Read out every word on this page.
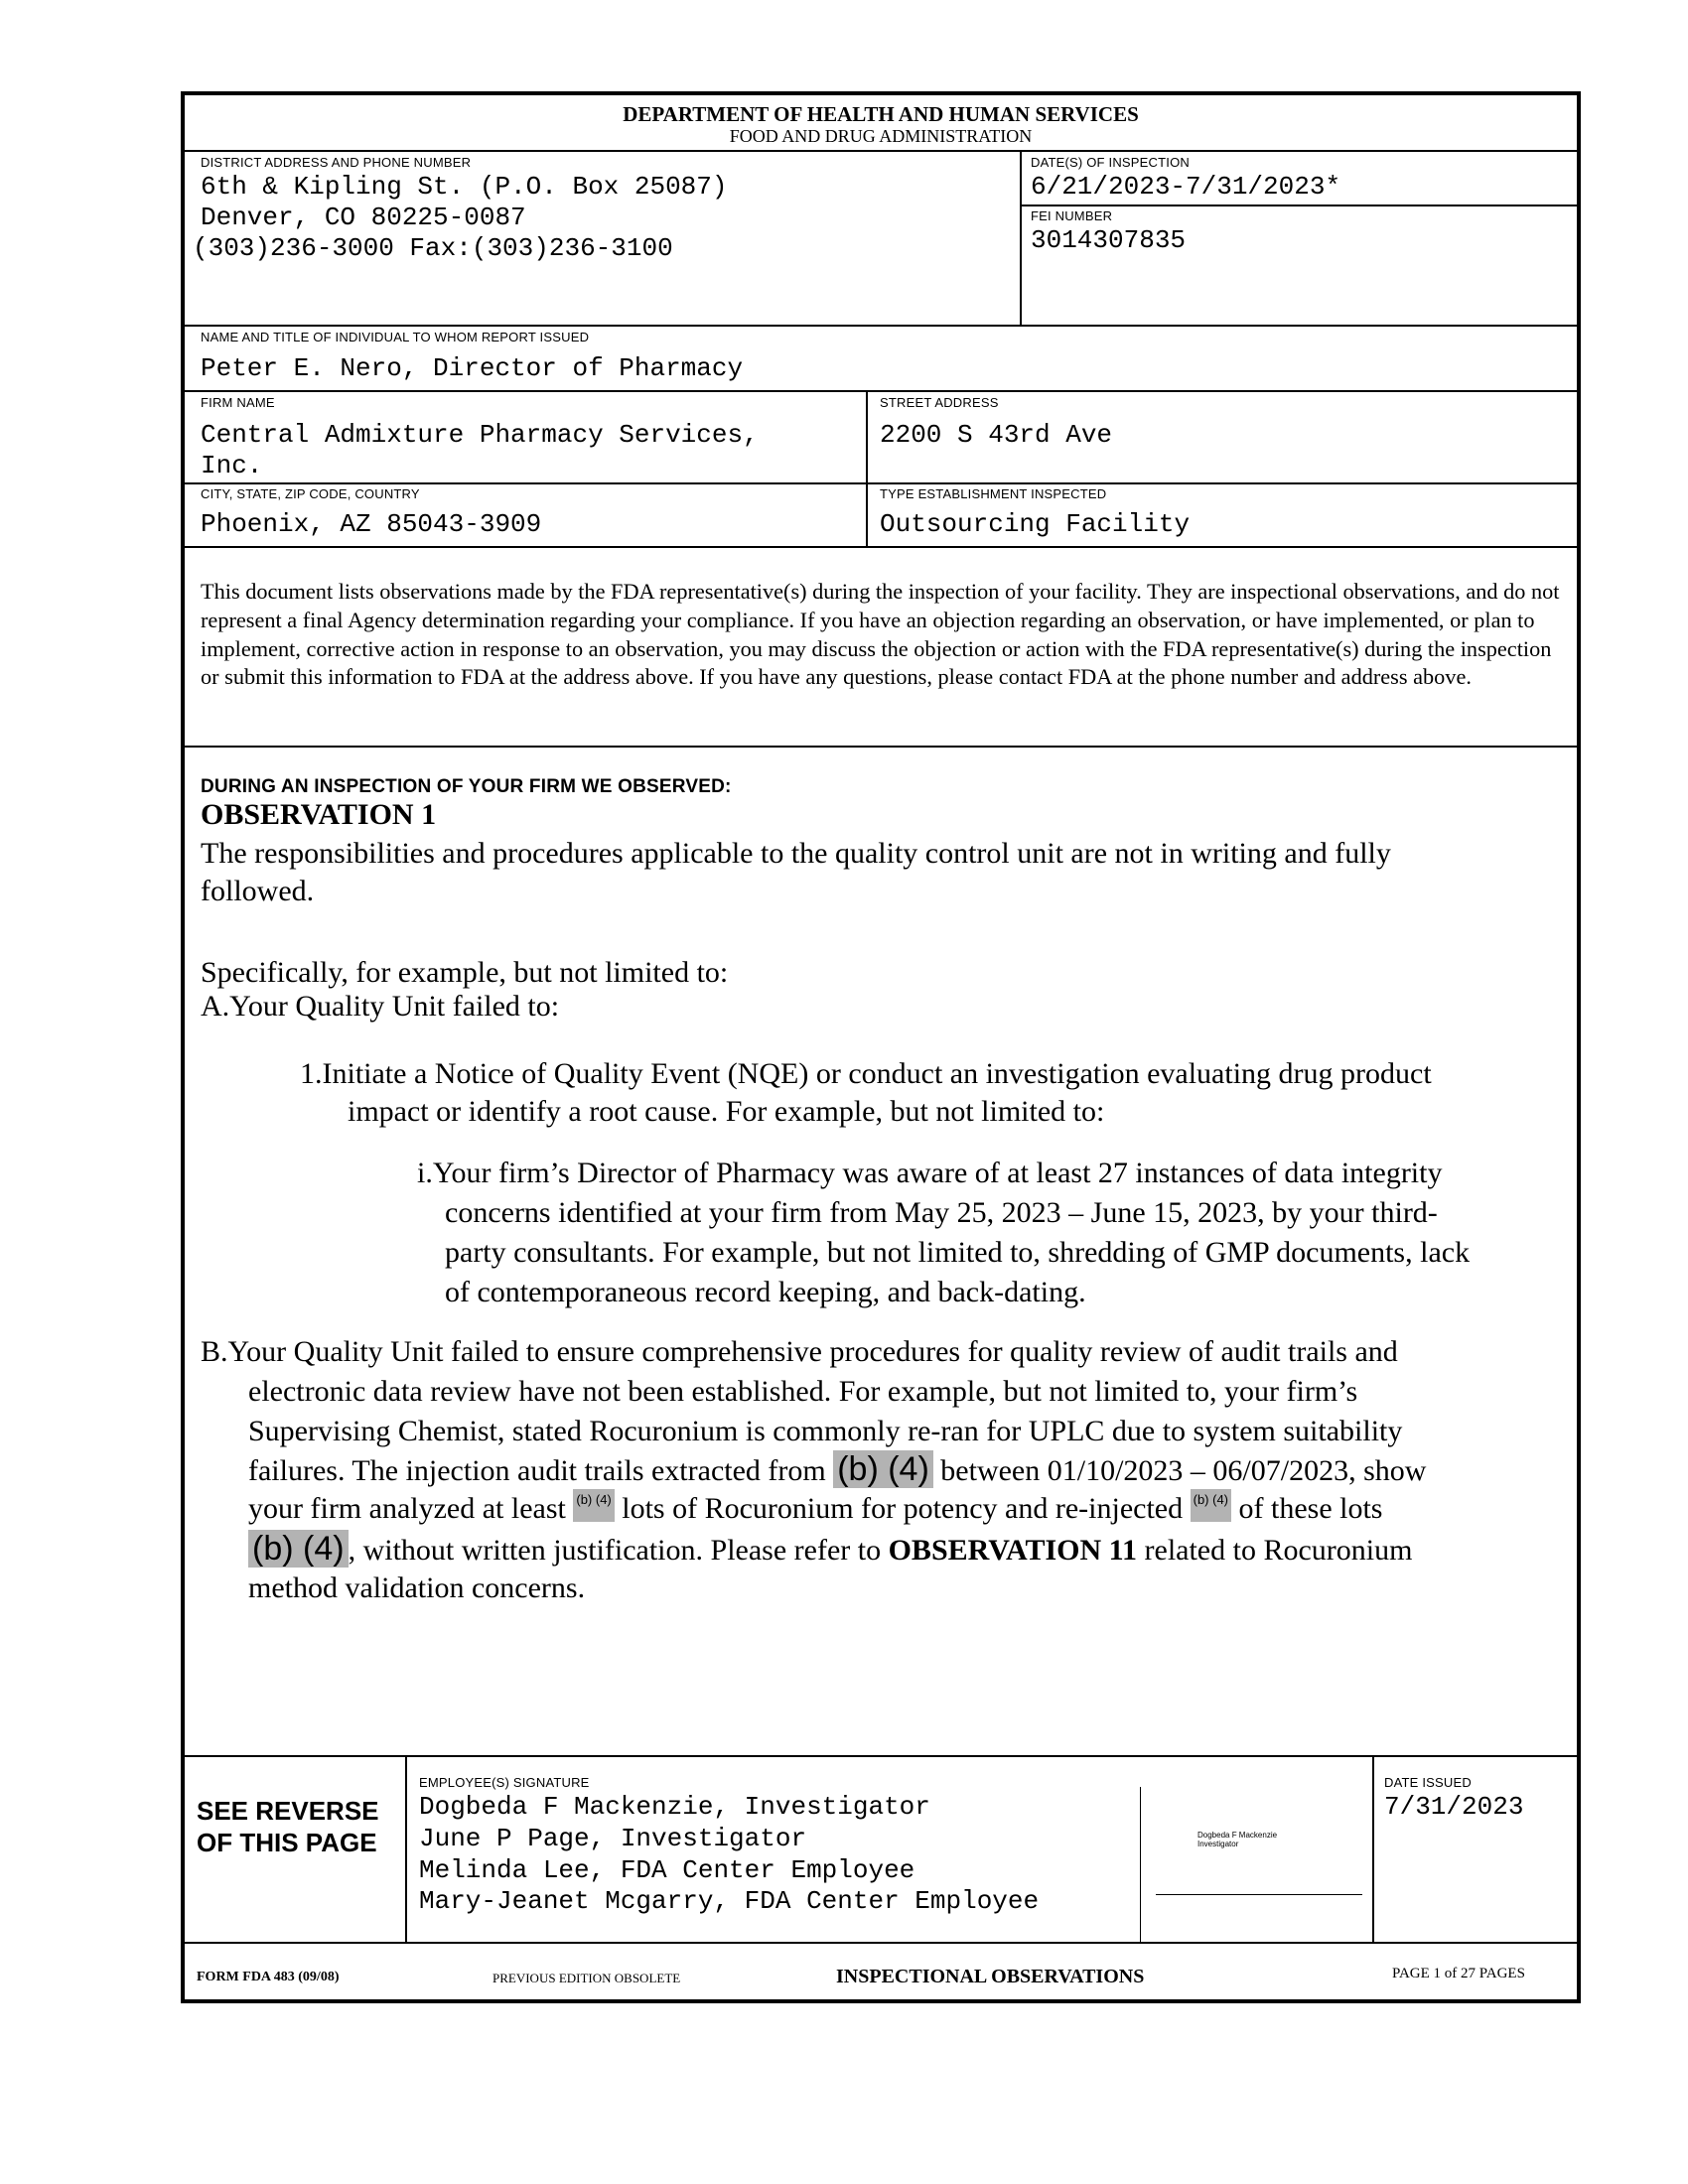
DEPARTMENT OF HEALTH AND HUMAN SERVICES
FOOD AND DRUG ADMINISTRATION
DISTRICT ADDRESS AND PHONE NUMBER
6th & Kipling St. (P.O. Box 25087)
Denver, CO 80225-0087
(303)236-3000 Fax:(303)236-3100
DATE(S) OF INSPECTION
6/21/2023-7/31/2023*
FEI NUMBER
3014307835
NAME AND TITLE OF INDIVIDUAL TO WHOM REPORT ISSUED
Peter E. Nero, Director of Pharmacy
FIRM NAME
Central Admixture Pharmacy Services,
Inc.
STREET ADDRESS
2200 S 43rd Ave
CITY, STATE, ZIP CODE, COUNTRY
Phoenix, AZ 85043-3909
TYPE ESTABLISHMENT INSPECTED
Outsourcing Facility
This document lists observations made by the FDA representative(s) during the inspection of your facility. They are inspectional observations, and do not represent a final Agency determination regarding your compliance. If you have an objection regarding an observation, or have implemented, or plan to implement, corrective action in response to an observation, you may discuss the objection or action with the FDA representative(s) during the inspection or submit this information to FDA at the address above. If you have any questions, please contact FDA at the phone number and address above.
DURING AN INSPECTION OF YOUR FIRM WE OBSERVED:
OBSERVATION 1
The responsibilities and procedures applicable to the quality control unit are not in writing and fully
followed.
Specifically, for example, but not limited to:
A.Your Quality Unit failed to:
1.Initiate a Notice of Quality Event (NQE) or conduct an investigation evaluating drug product
impact or identify a root cause. For example, but not limited to:
i.Your firm’s Director of Pharmacy was aware of at least 27 instances of data integrity
concerns identified at your firm from May 25, 2023 – June 15, 2023, by your third-
party consultants. For example, but not limited to, shredding of GMP documents, lack
of contemporaneous record keeping, and back-dating.
B.Your Quality Unit failed to ensure comprehensive procedures for quality review of audit trails and
electronic data review have not been established. For example, but not limited to, your firm’s
Supervising Chemist, stated Rocuronium is commonly re-ran for UPLC due to system suitability
failures. The injection audit trails extracted from (b) (4) between 01/10/2023 – 06/07/2023, show
your firm analyzed at least (b) (4) lots of Rocuronium for potency and re-injected (b) (4) of these lots
(b) (4) , without written justification. Please refer to OBSERVATION 11 related to Rocuronium
method validation concerns.
SEE REVERSE
OF THIS PAGE
EMPLOYEE(S) SIGNATURE
Dogbeda F Mackenzie, Investigator
June P Page, Investigator
Melinda Lee, FDA Center Employee
Mary-Jeanet Mcgarry, FDA Center Employee
Dogbeda F Mackenzie
Investigator
DATE ISSUED
7/31/2023
FORM FDA 483 (09/08)	PREVIOUS EDITION OBSOLETE	INSPECTIONAL OBSERVATIONS	PAGE 1 of 27 PAGES
